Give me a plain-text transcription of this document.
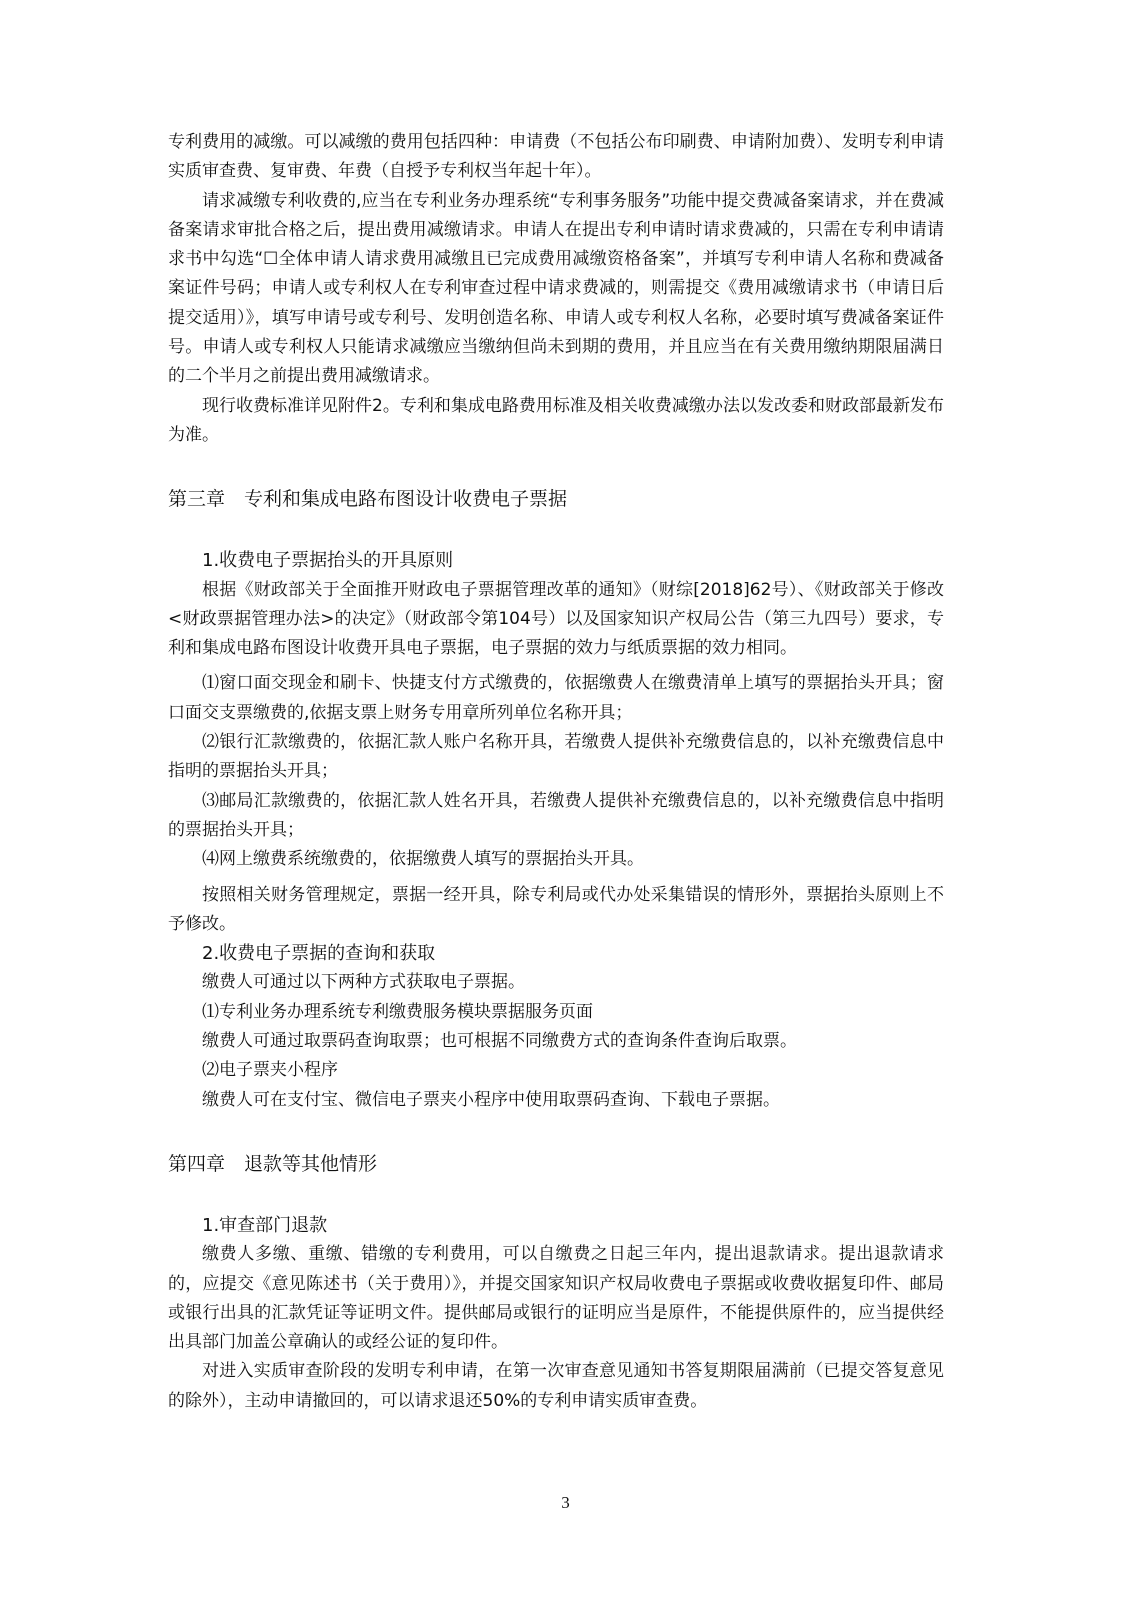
专利费用的减缴。可以减缴的费用包括四种：申请费（不包括公布印刷费、申请附加费）、发明专利申请实质审查费、复审费、年费（自授予专利权当年起十年）。

请求减缴专利收费的,应当在专利业务办理系统“专利事务服务”功能中提交费减备案请求，并在费减备案请求审批合格之后，提出费用减缴请求。申请人在提出专利申请时请求费减的，只需在专利申请请求书中勾选“☐全体申请人请求费用减缴且已完成费用减缴资格备案”，并填写专利申请人名称和费减备案证件号码；申请人或专利权人在专利审查过程中请求费减的，则需提交《费用减缴请求书（申请日后提交适用）》，填写申请号或专利号、发明创造名称、申请人或专利权人名称，必要时填写费减备案证件号。申请人或专利权人只能请求减缴应当缴纳但尚未到期的费用，并且应当在有关费用缴纳期限届满日的二个半月之前提出费用减缴请求。

现行收费标准详见附件2。专利和集成电路费用标准及相关收费减缴办法以发改委和财政部最新发布为准。

第三章　专利和集成电路布图设计收费电子票据

1.收费电子票据抬头的开具原则

根据《财政部关于全面推开财政电子票据管理改革的通知》（财综[2018]62号）、《财政部关于修改<财政票据管理办法>的决定》（财政部令第104号）以及国家知识产权局公告（第三九四号）要求，专利和集成电路布图设计收费开具电子票据，电子票据的效力与纸质票据的效力相同。

⑴窗口面交现金和刷卡、快捷支付方式缴费的，依据缴费人在缴费清单上填写的票据抬头开具；窗口面交支票缴费的,依据支票上财务专用章所列单位名称开具；

⑵银行汇款缴费的，依据汇款人账户名称开具，若缴费人提供补充缴费信息的，以补充缴费信息中指明的票据抬头开具；

⑶邮局汇款缴费的，依据汇款人姓名开具，若缴费人提供补充缴费信息的，以补充缴费信息中指明的票据抬头开具；

⑷网上缴费系统缴费的，依据缴费人填写的票据抬头开具。

按照相关财务管理规定，票据一经开具，除专利局或代办处采集错误的情形外，票据抬头原则上不予修改。

2.收费电子票据的查询和获取

缴费人可通过以下两种方式获取电子票据。

⑴专利业务办理系统专利缴费服务模块票据服务页面

缴费人可通过取票码查询取票；也可根据不同缴费方式的查询条件查询后取票。

⑵电子票夹小程序

缴费人可在支付宝、微信电子票夹小程序中使用取票码查询、下载电子票据。

第四章　退款等其他情形

1.审查部门退款

缴费人多缴、重缴、错缴的专利费用，可以自缴费之日起三年内，提出退款请求。提出退款请求的，应提交《意见陈述书（关于费用）》，并提交国家知识产权局收费电子票据或收费收据复印件、邮局或银行出具的汇款凭证等证明文件。提供邮局或银行的证明应当是原件，不能提供原件的，应当提供经出具部门加盖公章确认的或经公证的复印件。

对进入实质审查阶段的发明专利申请，在第一次审查意见通知书答复期限届满前（已提交答复意见的除外），主动申请撤回的，可以请求退还50%的专利申请实质审查费。

3
